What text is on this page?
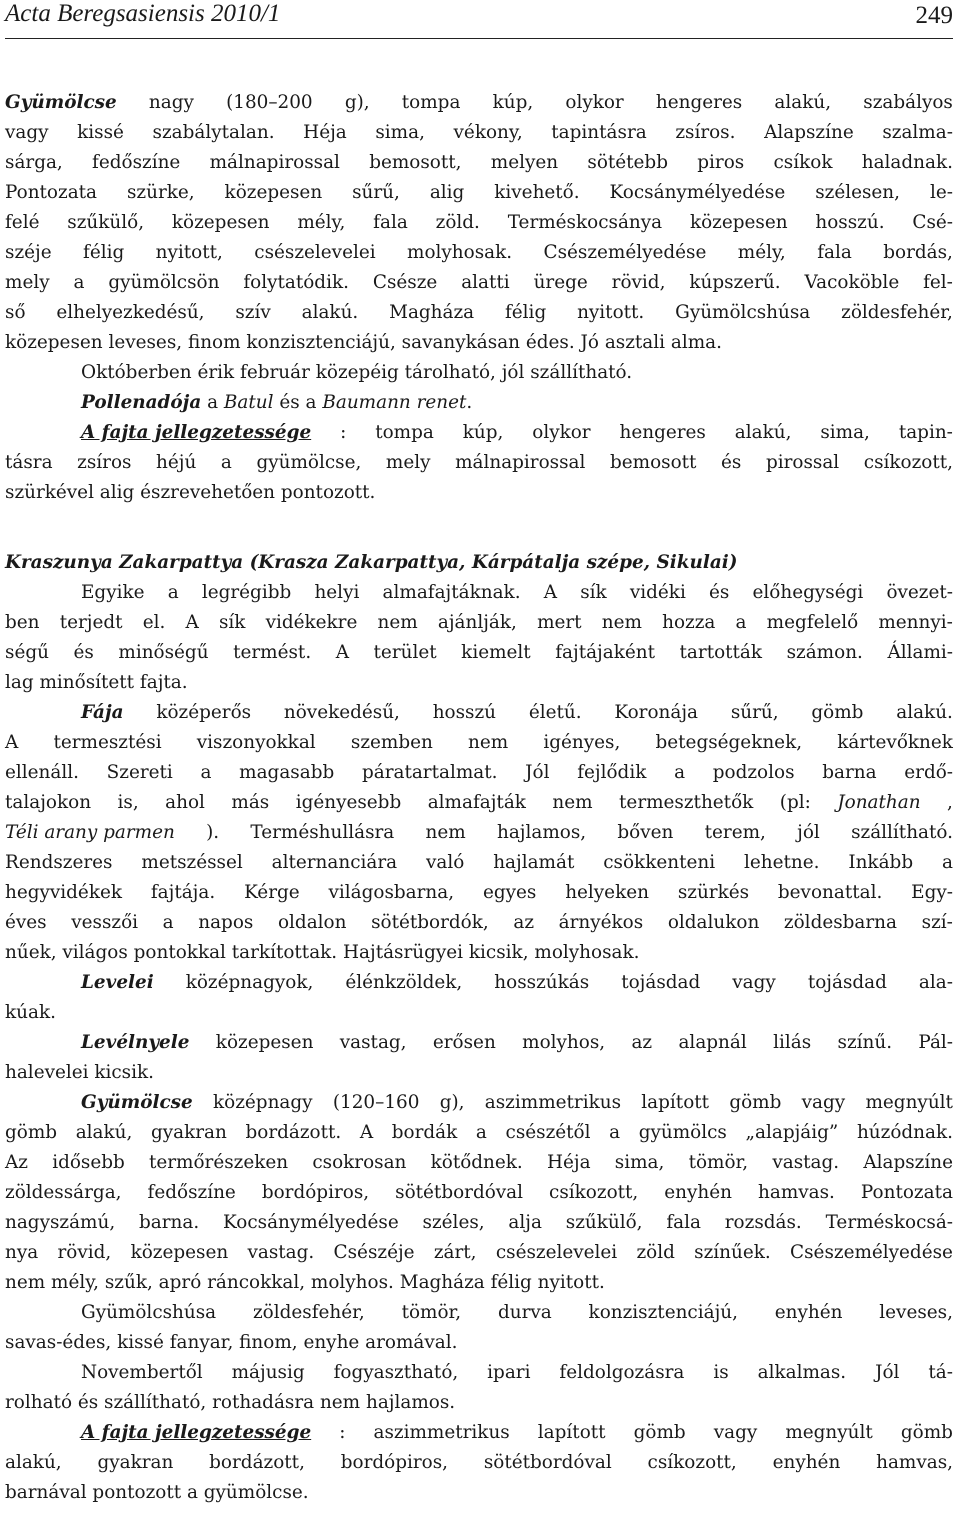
Acta Beregsasiensis 2010/1	249
Gyümölcse nagy (180–200 g), tompa kúp, olykor hengeres alakú, szabályos
vagy kissé szabálytalan. Héja sima, vékony, tapintásra zsíros. Alapszíne szalma-
sárga, fedőszíne málnapirossal bemosott, melyen sötétebb piros csíkok haladnak.
Pontozata szürke, közepesen sűrű, alig kivehető. Kocsánymélyedése szélesen, le-
felé szűkülő, közepesen mély, fala zöld. Terméskocsánya közepesen hosszú. Csé-
széje félig nyitott, csészelevelei molyhosak. Csészemélyedése mély, fala bordás,
mely a gyümölcsön folytatódik. Csésze alatti ürege rövid, kúpszerű. Vacoköble fel-
ső elhelyezkedésű, szív alakú. Magháza félig nyitott. Gyümölcshúsa zöldesfehér,
közepesen leveses, finom konzisztenciájú, savanykásan édes. Jó asztali alma.
Októberben érik február közepéig tárolható, jól szállítható.
Pollenadója a Batul és a Baumann renet .
A fajta jellegzetessége : tompa kúp, olykor hengeres alakú, sima, tapin-
tásra zsíros héjú a gyümölcse, mely málnapirossal bemosott és pirossal csíkozott,
szürkével alig észrevehetően pontozott.
Kraszunya Zakarpattya (Krasza Zakarpattya, Kárpátalja szépe, Sikulai)
Egyike a legrégibb helyi almafajtáknak. A sík vidéki és előhegységi övezet-
ben terjedt el. A sík vidékekre nem ajánlják, mert nem hozza a megfelelő mennyi-
ségű és minőségű termést. A terület kiemelt fajtájaként tartották számon. Állami-
lag minősített fajta.
Fája középerős növekedésű, hosszú életű. Koronája sűrű, gömb alakú.
A termesztési viszonyokkal szemben nem igényes, betegségeknek, kártevőknek
ellenáll. Szereti a magasabb páratartalmat. Jól fejlődik a podzolos barna erdő-
talajokon is, ahol más igényesebb almafajták nem termeszthetők (pl: Jonathan ,
Téli arany parmen ). Terméshullásra nem hajlamos, bőven terem, jól szállítható.
Rendszeres metszéssel alternanciára való hajlamát csökkenteni lehetne. Inkább a
hegyvidékek fajtája. Kérge világosbarna, egyes helyeken szürkés bevonattal. Egy-
éves vesszői a napos oldalon sötétbordók, az árnyékos oldalukon zöldesbarna szí-
nűek, világos pontokkal tarkítottak. Hajtásrügyei kicsik, molyhosak.
Levelei középnagyok, élénkzöldek, hosszúkás tojásdad vagy tojásdad ala-
kúak.
Levélnyele közepesen vastag, erősen molyhos, az alapnál lilás színű. Pál-
halevelei kicsik.
Gyümölcse középnagy (120–160 g), aszimmetrikus lapított gömb vagy megnyúlt
gömb alakú, gyakran bordázott. A bordák a csészétől a gyümölcs „alapjáig” húzódnak.
Az idősebb termőrészeken csokrosan kötődnek. Héja sima, tömör, vastag. Alapszíne
zöldessárga, fedőszíne bordópiros, sötétbordóval csíkozott, enyhén hamvas. Pontozata
nagyszámú, barna. Kocsánymélyedése széles, alja szűkülő, fala rozsdás. Terméskocsá-
nya rövid, közepesen vastag. Csészéje zárt, csészelevelei zöld színűek. Csészemélyedése
nem mély, szűk, apró ráncokkal, molyhos. Magháza félig nyitott.
Gyümölcshúsa zöldesfehér, tömör, durva konzisztenciájú, enyhén leveses,
savas-édes, kissé fanyar, finom, enyhe aromával.
Novembertől májusig fogyasztható, ipari feldolgozásra is alkalmas. Jól tá-
rolható és szállítható, rothadásra nem hajlamos.
A fajta jellegzetessége : aszimmetrikus lapított gömb vagy megnyúlt gömb
alakú, gyakran bordázott, bordópiros, sötétbordóval csíkozott, enyhén hamvas,
barnával pontozott a gyümölcse.
